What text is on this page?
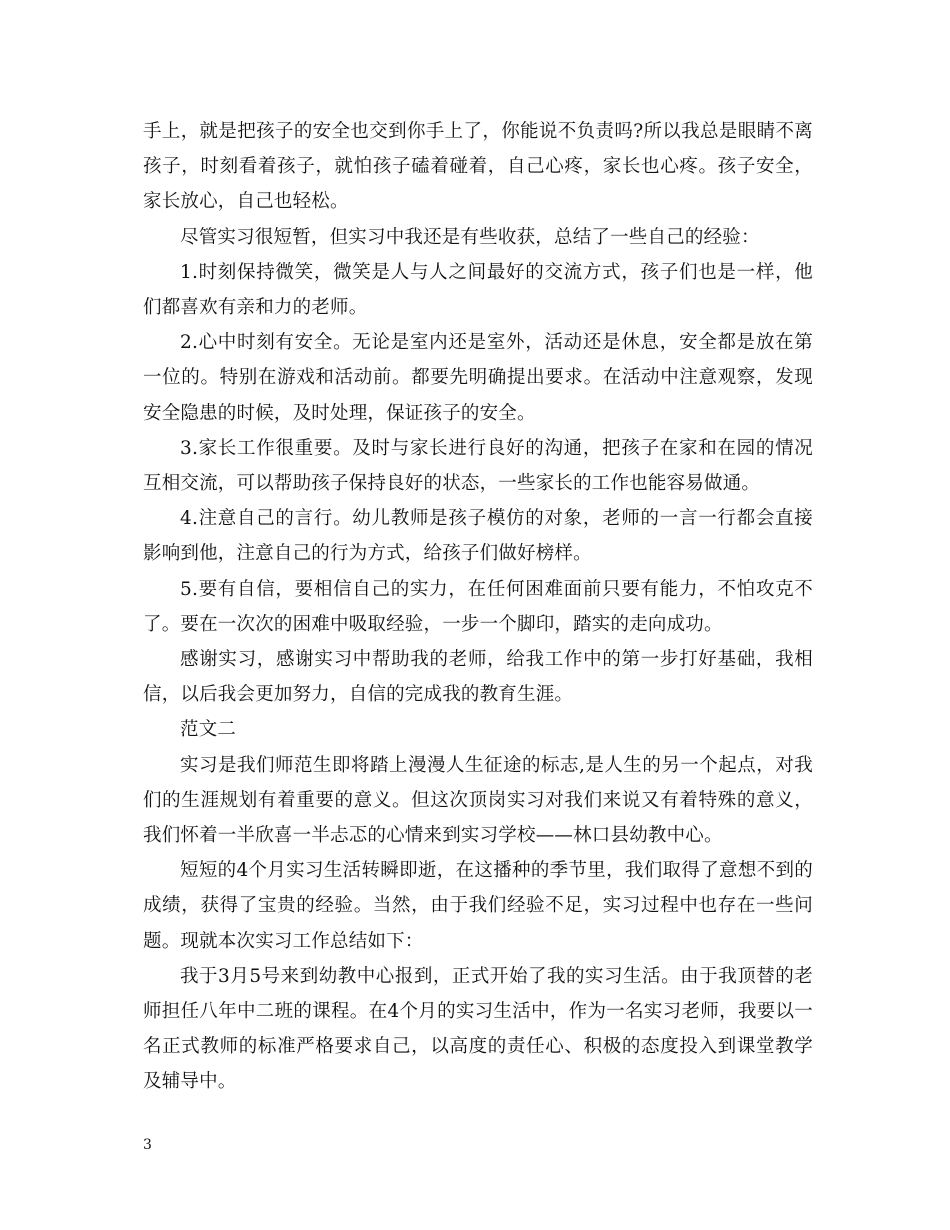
手上，就是把孩子的安全也交到你手上了，你能说不负责吗?所以我总是眼睛不离孩子，时刻看着孩子，就怕孩子磕着碰着，自己心疼，家长也心疼。孩子安全，家长放心，自己也轻松。

尽管实习很短暂，但实习中我还是有些收获，总结了一些自己的经验：

1.时刻保持微笑，微笑是人与人之间最好的交流方式，孩子们也是一样，他们都喜欢有亲和力的老师。

2.心中时刻有安全。无论是室内还是室外，活动还是休息，安全都是放在第一位的。特别在游戏和活动前。都要先明确提出要求。在活动中注意观察，发现安全隐患的时候，及时处理，保证孩子的安全。

3.家长工作很重要。及时与家长进行良好的沟通，把孩子在家和在园的情况互相交流，可以帮助孩子保持良好的状态，一些家长的工作也能容易做通。

4.注意自己的言行。幼儿教师是孩子模仿的对象，老师的一言一行都会直接影响到他，注意自己的行为方式，给孩子们做好榜样。

5.要有自信，要相信自己的实力，在任何困难面前只要有能力，不怕攻克不了。要在一次次的困难中吸取经验，一步一个脚印，踏实的走向成功。

感谢实习，感谢实习中帮助我的老师，给我工作中的第一步打好基础，我相信，以后我会更加努力，自信的完成我的教育生涯。

范文二

实习是我们师范生即将踏上漫漫人生征途的标志,是人生的另一个起点，对我们的生涯规划有着重要的意义。但这次顶岗实习对我们来说又有着特殊的意义，我们怀着一半欣喜一半忐忑的心情来到实习学校——林口县幼教中心。

短短的4个月实习生活转瞬即逝，在这播种的季节里，我们取得了意想不到的成绩，获得了宝贵的经验。当然，由于我们经验不足，实习过程中也存在一些问题。现就本次实习工作总结如下：

我于3月5号来到幼教中心报到，正式开始了我的实习生活。由于我顶替的老师担任八年中二班的课程。在4个月的实习生活中，作为一名实习老师，我要以一名正式教师的标准严格要求自己，以高度的责任心、积极的态度投入到课堂教学及辅导中。

3
